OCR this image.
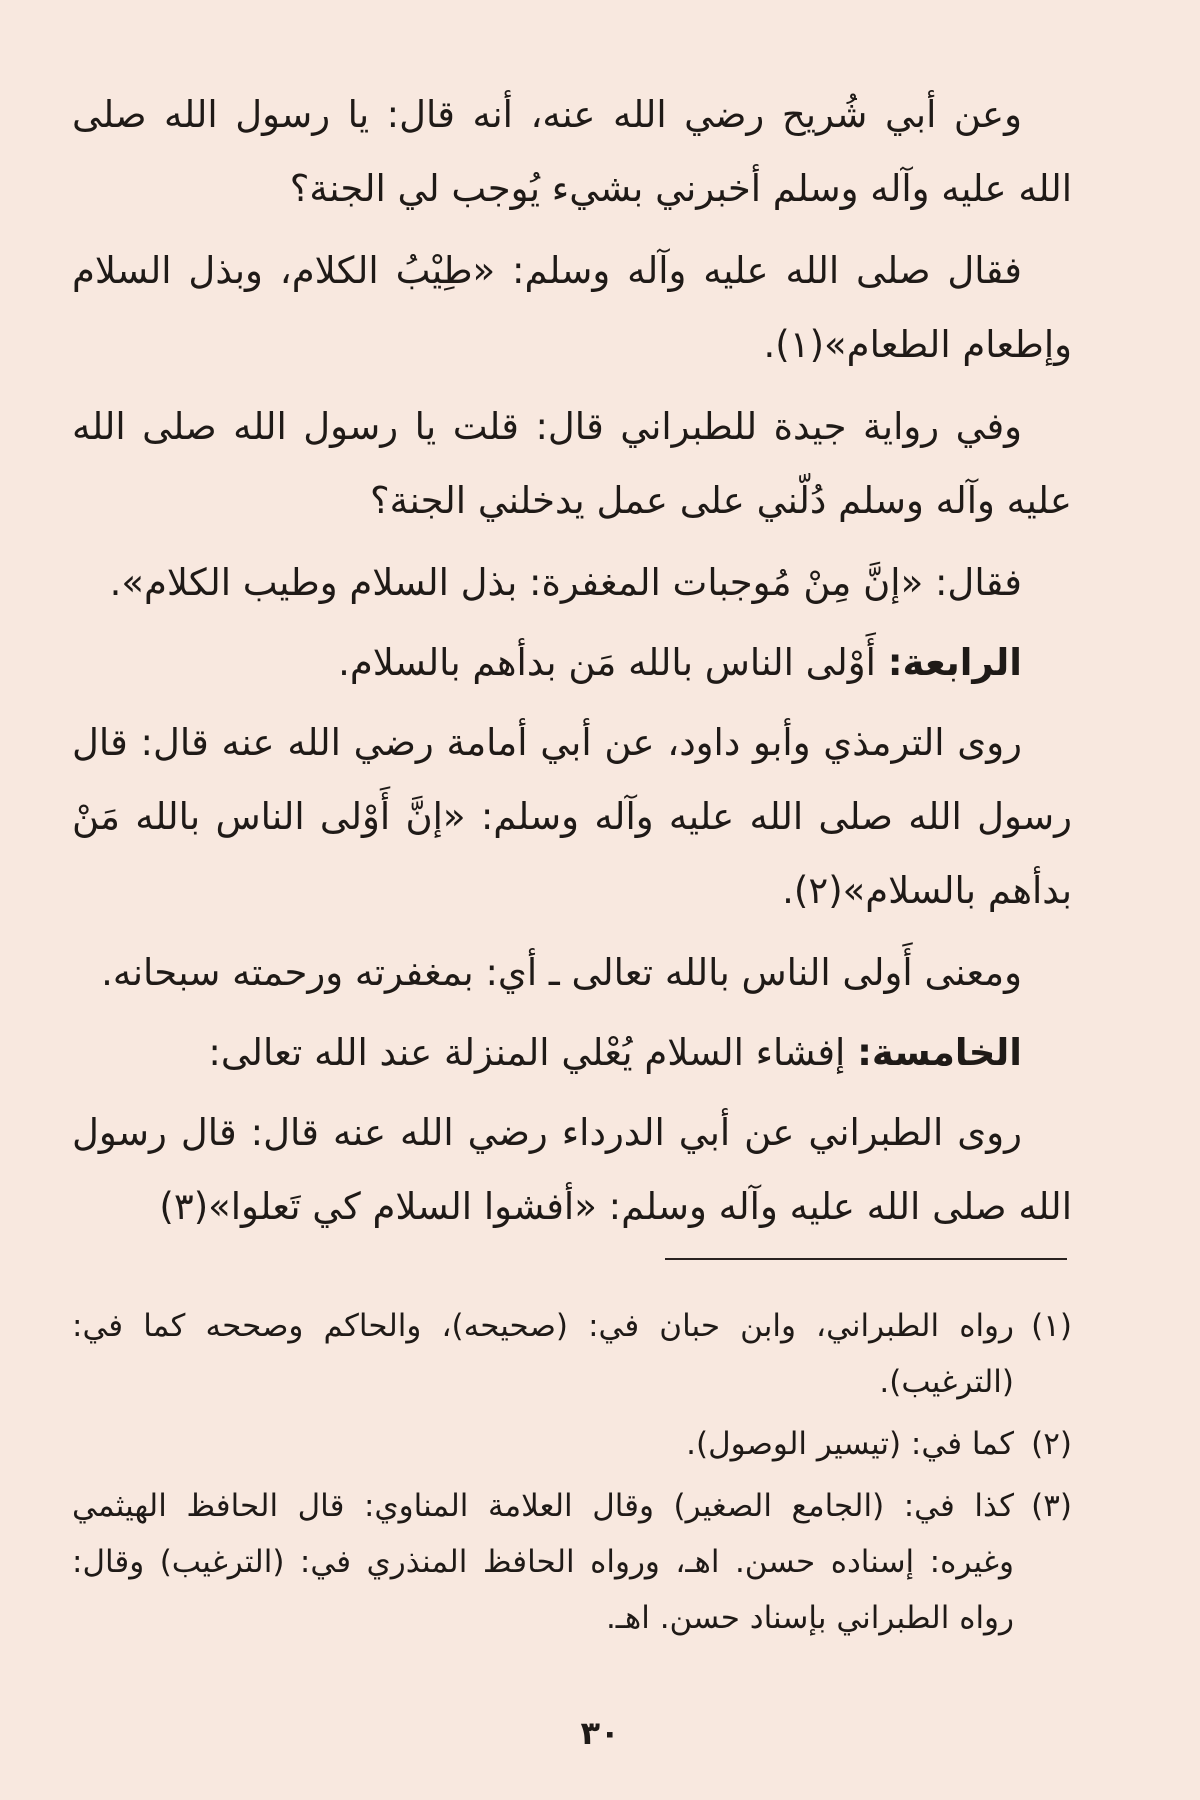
وعن أبي شُريح رضي الله عنه، أنه قال: يا رسول الله صلى الله عليه وآله وسلم أخبرني بشيء يُوجب لي الجنة؟

فقال صلى الله عليه وآله وسلم: «طِيْبُ الكلام، وبذل السلام وإطعام الطعام»(١).

وفي رواية جيدة للطبراني قال: قلت يا رسول الله صلى الله عليه وآله وسلم دُلّني على عمل يدخلني الجنة؟

فقال: «إنَّ مِنْ مُوجبات المغفرة: بذل السلام وطيب الكلام».

الرابعة: أَوْلى الناس بالله مَن بدأهم بالسلام.

روى الترمذي وأبو داود، عن أبي أمامة رضي الله عنه قال: قال رسول الله صلى الله عليه وآله وسلم: «إنَّ أَوْلى الناس بالله مَنْ بدأهم بالسلام»(٢).

ومعنى أَولى الناس بالله تعالى ـ أي: بمغفرته ورحمته سبحانه.

الخامسة: إفشاء السلام يُعْلي المنزلة عند الله تعالى:

روى الطبراني عن أبي الدرداء رضي الله عنه قال: قال رسول الله صلى الله عليه وآله وسلم: «أفشوا السلام كي تَعلوا»(٣)

(١)
رواه الطبراني، وابن حبان في: (صحيحه)، والحاكم وصححه كما في: (الترغيب).
(٢)
كما في: (تيسير الوصول).
(٣)
كذا في: (الجامع الصغير) وقال العلامة المناوي: قال الحافظ الهيثمي وغيره: إسناده حسن. اهـ، ورواه الحافظ المنذري في: (الترغيب) وقال: رواه الطبراني بإسناد حسن. اهـ.
٣٠
